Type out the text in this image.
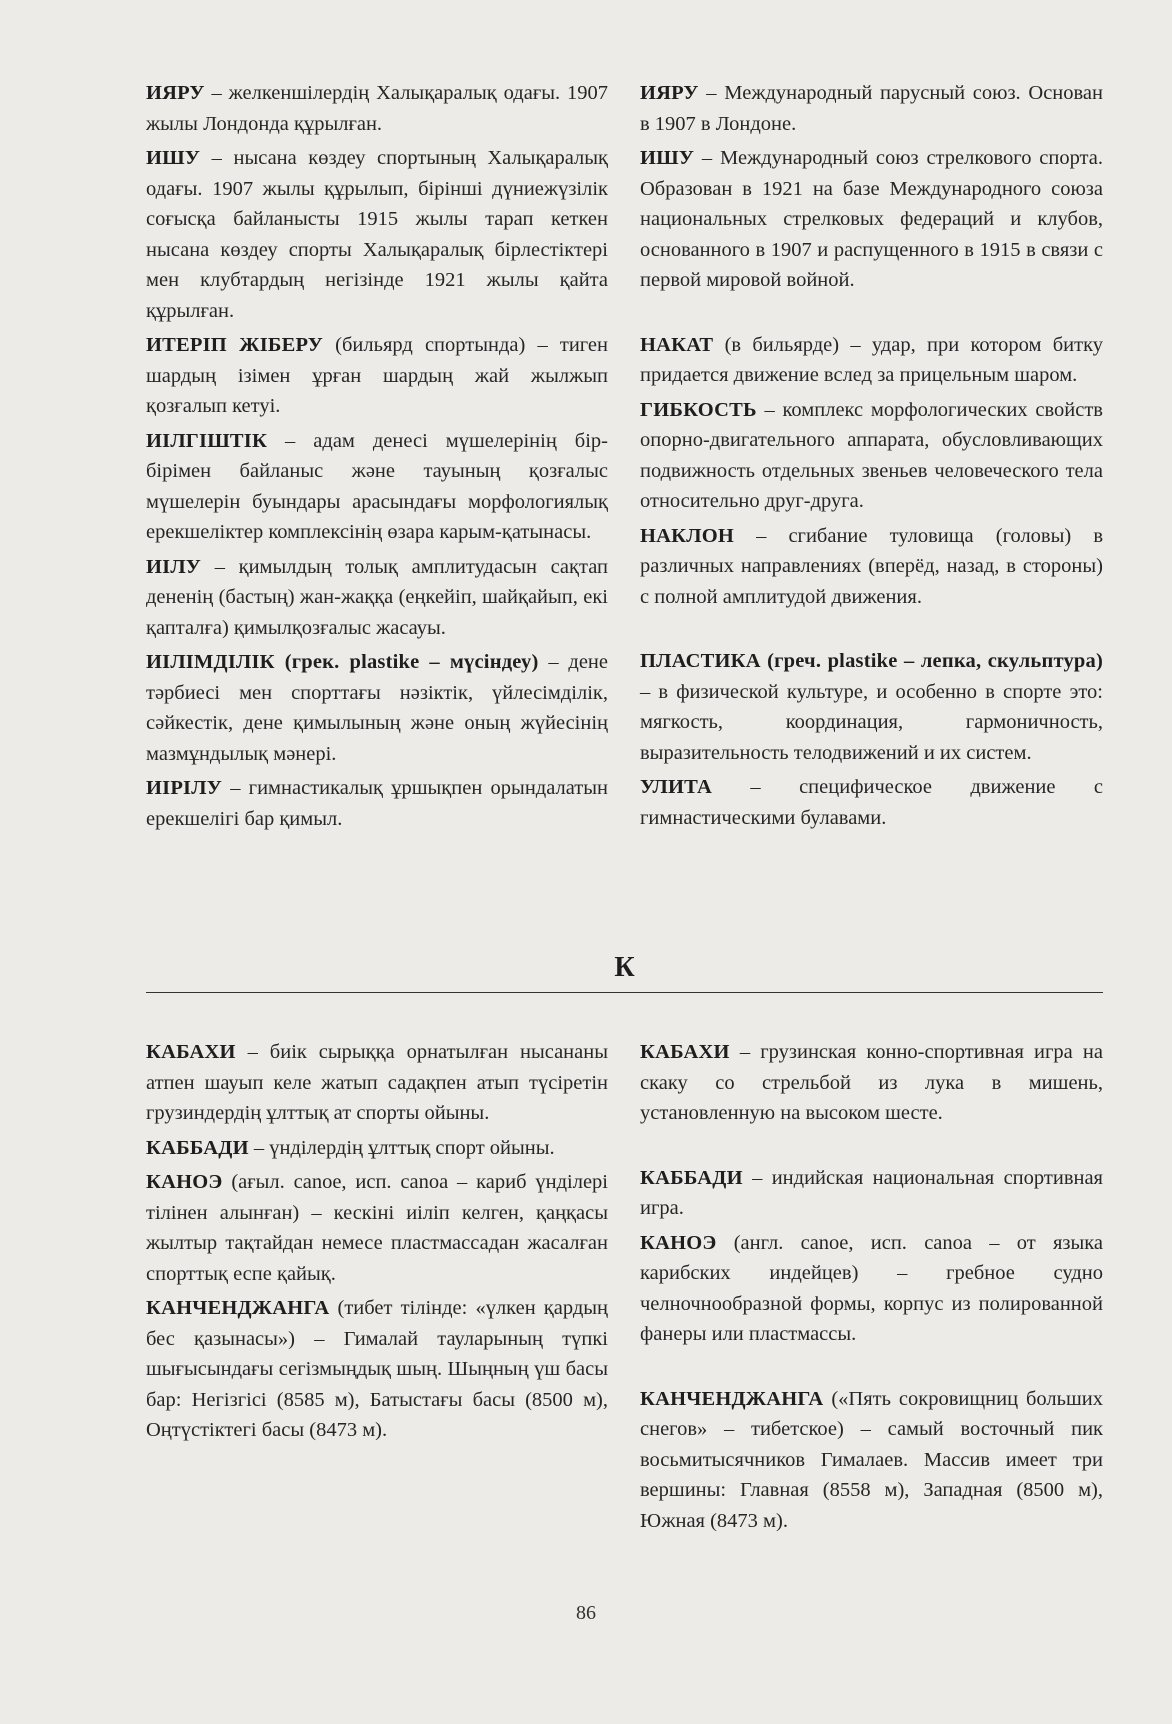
ИЯРУ – желкеншілердің Халықаралық одағы. 1907 жылы Лондонда құрылған.

ИШУ – нысана көздеу спортының Халықаралық одағы. 1907 жылы құрылып, бірінші дүниежүзілік соғысқа байланысты 1915 жылы тарап кеткен нысана көздеу спорты Халықаралық бірлестіктері мен клубтардың негізінде 1921 жылы қайта құрылған.

ИТЕРІП ЖІБЕРУ (бильярд спортында) – тиген шардың ізімен ұрған шардың жай жылжып қозғалып кетуі.

ИІЛГІШТІК – адам денесі мүшелерінің бір-бірімен байланыс және тауының қозғалыс мүшелерін буындары арасындағы морфологиялық ерекшеліктер комплексінің өзара карым-қатынасы.

ИІЛУ – қимылдың толық амплитудасын сақтап дененің (бастың) жан-жаққа (еңкейіп, шайқайып, екі қапталға) қимылқозғалыс жасауы.

ИІЛІМДІЛІК (грек. plastike – мүсіндеу) – дене тәрбиесі мен спорттағы нәзіктік, үйлесімділік, сәйкестік, дене қимылының және оның жүйесінің мазмұндылық мәнері.

ИІРІЛУ – гимнастикалық ұршықпен орындалатын ерекшелігі бар қимыл.

ИЯРУ – Международный парусный союз. Основан в 1907 в Лондоне.

ИШУ – Международный союз стрелкового спорта. Образован в 1921 на базе Международного союза национальных стрелковых федераций и клубов, основанного в 1907 и распущенного в 1915 в связи с первой мировой войной.

НАКАТ (в бильярде) – удар, при котором битку придается движение вслед за прицельным шаром.

ГИБКОСТЬ – комплекс морфологических свойств опорно-двигательного аппарата, обусловливающих подвижность отдельных звеньев человеческого тела относительно друг-друга.

НАКЛОН – сгибание туловища (головы) в различных направлениях (вперёд, назад, в стороны) с полной амплитудой движения.

ПЛАСТИКА (греч. plastike – лепка, скульптура) – в физической культуре, и особенно в спорте это: мягкость, координация, гармоничность, выразительность телодвижений и их систем.

УЛИТА – специфическое движение с гимнастическими булавами.

К

КАБАХИ – биік сырыққа орнатылған нысананы атпен шауып келе жатып садақпен атып түсіретін грузиндердің ұлттық ат спорты ойыны.

КАББАДИ – үнділердің ұлттық спорт ойыны.

КАНОЭ (ағыл. canoe, исп. canoa – кариб үнділері тілінен алынған) – кескіні иіліп келген, қаңқасы жылтыр тақтайдан немесе пластмассадан жасалған спорттық еспе қайық.

КАНЧЕНДЖАНГА (тибет тілінде: «үлкен қардың бес қазынасы») – Гималай тауларының түпкі шығысындағы сегізмыңдық шың. Шыңның үш басы бар: Негізгісі (8585 м), Батыстағы басы (8500 м), Оңтүстіктегі басы (8473 м).

КАБАХИ – грузинская конно-спортивная игра на скаку со стрельбой из лука в мишень, установленную на высоком шесте.

КАББАДИ – индийская национальная спортивная игра.

КАНОЭ (англ. canoe, исп. canoa – от языка карибских индейцев) – гребное судно челночнообразной формы, корпус из полированной фанеры или пластмассы.

КАНЧЕНДЖАНГА («Пять сокровищниц больших снегов» – тибетское) – самый восточный пик восьмитысячников Гималаев. Массив имеет три вершины: Главная (8558 м), Западная (8500 м), Южная (8473 м).

86
